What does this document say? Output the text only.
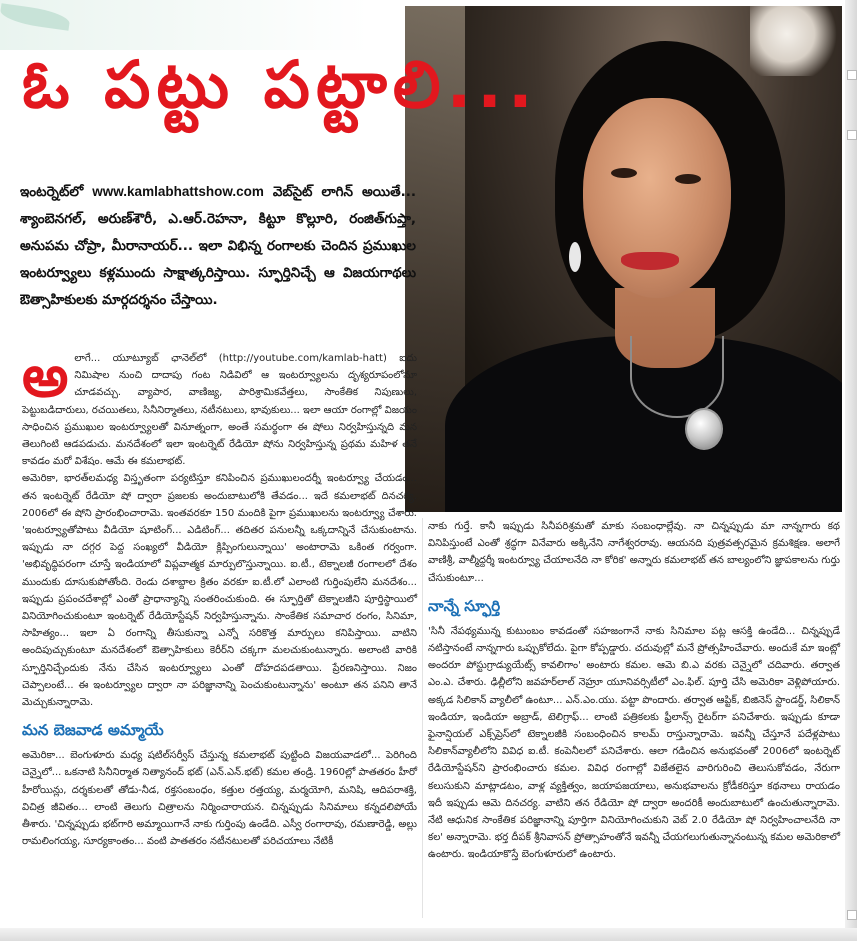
ఓ పట్టు పట్టాలి...

ఇంటర్నెట్‌లో www.kamlabhattshow.com వెబ్‌సైట్ లాగిన్ అయితే... శ్యాంబెనగల్, అరుణ్‌శౌరీ, ఎ.ఆర్.రెహనా, కిట్టూ కొల్లూరి, రంజిత్‌గుప్తా, అనుపమ చోప్రా, మీరానాయర్... ఇలా విభిన్న రంగాలకు చెందిన ప్రముఖుల ఇంటర్వ్యూలు కళ్లముందు సాక్షాత్కరిస్తాయి. స్ఫూర్తినిచ్చే ఆ విజయగాథలు ఔత్సాహికులకు మార్గదర్శనం చేస్తాయి.

అలాగే... యూట్యూబ్ ఛానెల్‌లో (http://youtube.com/kamlab-hatt) ఐదు నిమిషాల నుంచి దాదాపు గంట నిడివిలో ఆ ఇంటర్వ్యూలను దృశ్యరూపంలోనూ చూడవచ్చు. వ్యాపార, వాణిజ్య, పారిశ్రామికవేత్తలు, సాంకేతిక నిపుణులు, పెట్టుబడిదారులు, రచయితలు, సినీనిర్మాతలు, నటీనటులు, భావుకులు... ఇలా ఆయా రంగాల్లో విజయం సాధించిన ప్రముఖుల ఇంటర్వ్యూలతో వినూత్నంగా, అంతే సమర్థంగా ఈ షోలు నిర్వహిస్తున్నది మన తెలుగింటి ఆడపడుచు. మనదేశంలో ఇలా ఇంటర్నెట్ రేడియో షోను నిర్వహిస్తున్న ప్రథమ మహిళ తనే కావడం మరో విశేషం. ఆమే ఈ కమలాభట్.

అమెరికా, భారత్‌లమధ్య విస్తృతంగా పర్యటిస్తూ కనిపించిన ప్రముఖులందర్నీ ఇంటర్వ్యూ చేయడం... తన ఇంటర్నెట్ రేడియో షో ద్వారా ప్రజలకు అందుబాటులోకి తేవడం... ఇదే కమలాభట్ దినచర్య. 2006లో ఈ షోని ప్రారంభించారామె. ఇంతవరకూ 150 మందికి పైగా ప్రముఖులను ఇంటర్వ్యూ చేశారు. 'ఇంటర్వ్యూతోపాటు వీడియో షూటింగ్... ఎడిటింగ్... తదితర పనులన్నీ ఒక్కదాన్నినే చేసుకుంటాను. ఇప్పుడు నా దగ్గర పెద్ద సంఖ్యలో వీడియో క్లిప్పింగులున్నాయి' అంటారామె ఒకింత గర్వంగా. 'అభివృద్ధిపరంగా చూస్తే ఇండియాలో విప్లవాత్మక మార్పులొస్తున్నాయి. ఐ.టీ., టెక్నాలజీ రంగాలలో దేశం ముందుకు దూసుకుపోతోంది. రెండు దశాబ్దాల క్రితం వరకూ ఐ.టీ.లో ఎలాంటి గుర్తింపులేని మనదేశం... ఇప్పుడు ప్రపంచదేశాల్లో ఎంతో ప్రాధాన్యాన్ని సంతరించుకుంది. ఈ స్ఫూర్తితో టెక్నాలజీని పూర్తిస్థాయిలో వినియోగించుకుంటూ ఇంటర్నెట్ రేడియోస్టేషన్ నిర్వహిస్తున్నాను. సాంకేతిక సమాచార రంగం, సినిమా, సాహిత్యం... ఇలా ఏ రంగాన్ని తీసుకున్నా ఎన్నో సరికొత్త మార్పులు కనిపిస్తాయి. వాటిని అందిపుచ్చుకుంటూ మనదేశంలో ఔత్సాహికులు కెరీర్‌ని చక్కగా మలచుకుంటున్నారు. అలాంటి వారికి స్ఫూర్తినిచ్చేందుకు నేను చేసిన ఇంటర్వ్యూలు ఎంతో దోహదపడతాయి. ప్రేరణనిస్తాయి. నిజం చెప్పాలంటే... ఈ ఇంటర్వ్యూల ద్వారా నా పరిజ్ఞానాన్ని పెంచుకుంటున్నాను' అంటూ తన పనిని తానే మెచ్చుకున్నారామె.

మన బెజవాడ అమ్మాయే

అమెరికా... బెంగుళూరు మధ్య షటిల్‌సర్వీస్ చేస్తున్న కమలాభట్ పుట్టింది విజయవాడలో... పెరిగింది చెన్నైలో... ఒకనాటి సినీనిర్మాత నిత్యానంద్ భట్ (ఎన్.ఎన్.భట్) కమల తండ్రి. 1960ల్లో పాతతరం హీరో హీరోయిన్లు, దర్శకులతో తోడు-నీడ, రక్తసంబంధం, కత్తుల రత్తయ్య, మర్మయోగి, మనిషి, ఆదిపరాశక్తి, విచిత్ర జీవితం... లాంటి తెలుగు చిత్రాలను నిర్మించారాయన. చిన్నప్పుడు సినిమాలు కన్నదలిపోయే తీశారు. 'చిన్నప్పుడు భట్‌గారి అమ్మాయిగానే నాకు గుర్తింపు ఉండేది. ఎస్వీ రంగారావు, రమణారెడ్డి, అల్లు రామలింగయ్య, సూర్యకాంతం... వంటి పాతతరం నటీనటులతో పరిచయాలు నేటికీ

నాకు గుర్తే. కానీ ఇప్పుడు సినీపరిశ్రమతో మాకు సంబంధాల్లేవు. నా చిన్నప్పుడు మా నాన్నగారు కథ వినిపిస్తుంటే ఎంతో శ్రద్ధగా వినేవారు అక్కినేని నాగేశ్వరరావు. ఆయనది పుత్రవత్సరమైన క్రమశిక్షణ. అలాగే వాణిశ్రీ, వాల్మీద్దర్శీ ఇంటర్వ్యూ చేయాలనేది నా కోరిక' అన్నారు కమలాభట్ తన బాల్యంలోని జ్ఞాపకాలను గుర్తు చేసుకుంటూ...

నాన్నే స్ఫూర్తి

'సినీ నేపథ్యమున్న కుటుంబం కావడంతో సహజంగానే నాకు సినిమాల పట్ల ఆసక్తి ఉండేది... చిన్నప్పుడే నటిస్తానంటే నాన్నగారు ఒప్పుకోలేదు. పైగా కోప్పడ్డారు. చదువుల్లో మనే ప్రోత్సహించేవారు. అందుకే మా ఇంట్లో అందరూ పోస్టుగ్రాడ్యుయేట్స్ కావలిగాం' అంటారు కమల. ఆమె బి.ఎ వరకు చెన్నైలో చదివారు. తర్వాత ఎం.ఎ. చేశారు. ఢిల్లీలోని జవహర్‌లాల్ నెహ్రూ యూనివర్సిటీలో ఎం.ఫిల్. పూర్తి చేసి అమెరికా వెళ్లిపోయారు. అక్కడ సిలికాన్ వ్యాలీలో ఉంటూ... ఎన్.ఎం.యు. పట్టా పొందారు. తర్వాత ఆప్టిక్, బిజినెస్ స్టాండర్డ్, సిలికాన్ ఇండియా, ఇండియా అబ్రాడ్, టెలిగ్రాఫ్... లాంటి పత్రికలకు ఫ్రీలాన్స్ రైటర్‌గా పనిచేశారు. ఇప్పుడు కూడా ఫైనాన్షియల్ ఎక్స్‌ప్రెస్‌లో టెక్నాలజీకి సంబంధించిన కాలమ్ రాస్తున్నారామె. ఇవన్నీ చేస్తూనే పదేళ్లపాటు సిలికాన్‌వ్యాలీలోని వివిధ ఐ.టీ. కంపెనీలలో పనిచేశారు. ఆలా గడించిన అనుభవంతో 2006లో ఇంటర్నెట్ రేడియోస్టేషన్‌ని ప్రారంభించారు కమల. వివిధ రంగాల్లో విజేతలైన వారిగురించి తెలుసుకోవడం, నేరుగా కలుసుకుని మాట్లాడటం, వాళ్ల వ్యక్తిత్వం, జయాపజయాలు, అనుభవాలను క్రోడీకరిస్తూ కథనాలు రాయడం ఇదీ ఇప్పుడు ఆమె దినచర్య. వాటిని తన రేడియో షో ద్వారా అందరికీ అందుబాటులో ఉంచుతున్నారామె. నేటి ఆధునిక సాంకేతిక పరిజ్ఞానాన్ని పూర్తిగా వినియోగించుకుని వెబ్ 2.0 రేడియో షో నిర్వహించాలనేది నా కల' అన్నారామె. భర్త దీపక్ శ్రీనివాసన్ ప్రోత్సాహంతోనే ఇవన్నీ చేయగలుగుతున్నానంటున్న కమల అమెరికాలో ఉంటారు. ఇండియాకొస్తే బెంగుళూరులో ఉంటారు.
